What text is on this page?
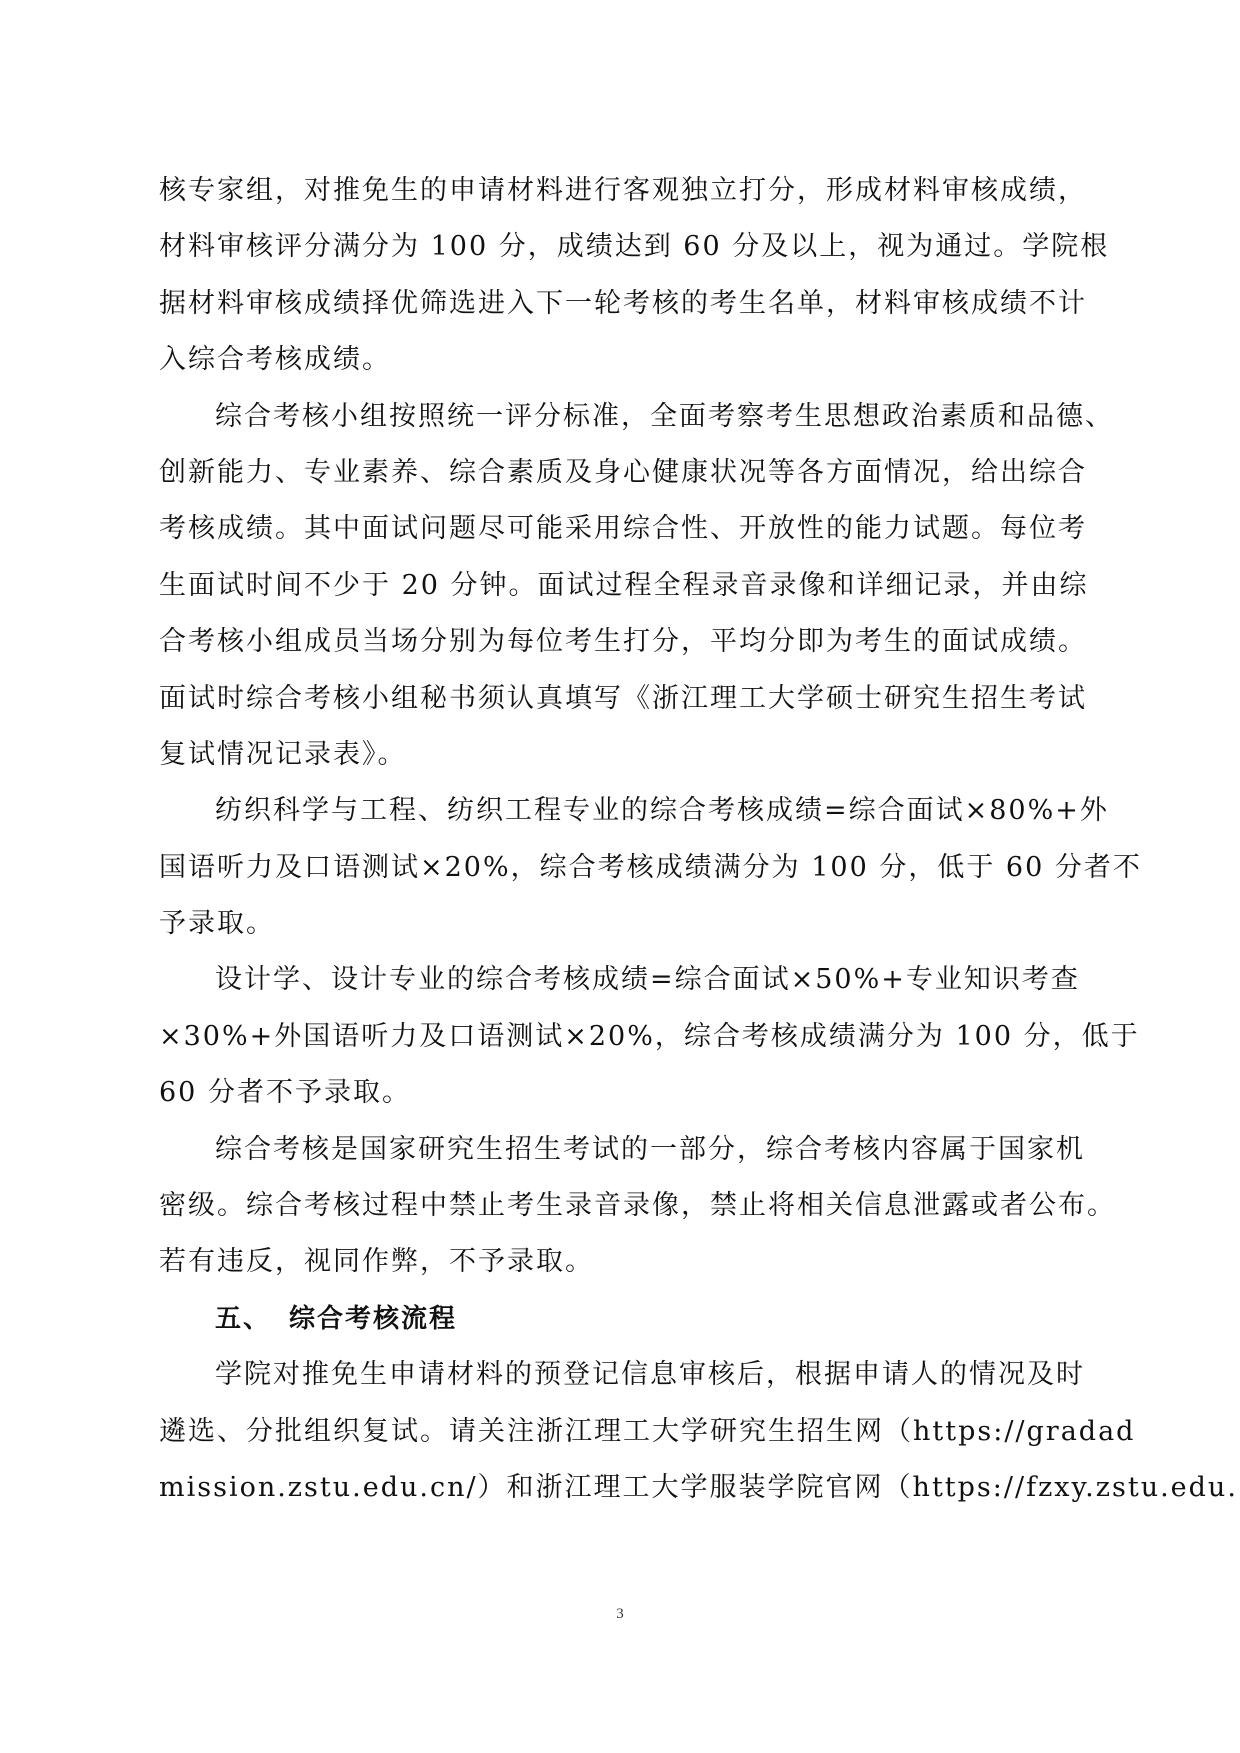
核专家组，对推免生的申请材料进行客观独立打分，形成材料审核成绩，
材料审核评分满分为 100 分，成绩达到 60 分及以上，视为通过。学院根
据材料审核成绩择优筛选进入下一轮考核的考生名单，材料审核成绩不计
入综合考核成绩。
综合考核小组按照统一评分标准，全面考察考生思想政治素质和品德、
创新能力、专业素养、综合素质及身心健康状况等各方面情况，给出综合
考核成绩。其中面试问题尽可能采用综合性、开放性的能力试题。每位考
生面试时间不少于 20 分钟。面试过程全程录音录像和详细记录，并由综
合考核小组成员当场分别为每位考生打分，平均分即为考生的面试成绩。
面试时综合考核小组秘书须认真填写《浙江理工大学硕士研究生招生考试
复试情况记录表》。
纺织科学与工程、纺织工程专业的综合考核成绩=综合面试×80%+外
国语听力及口语测试×20%，综合考核成绩满分为 100 分，低于 60 分者不
予录取。
设计学、设计专业的综合考核成绩=综合面试×50%+专业知识考查
×30%+外国语听力及口语测试×20%，综合考核成绩满分为 100 分，低于
60 分者不予录取。
综合考核是国家研究生招生考试的一部分，综合考核内容属于国家机
密级。综合考核过程中禁止考生录音录像，禁止将相关信息泄露或者公布。
若有违反，视同作弊，不予录取。
五、 综合考核流程
学院对推免生申请材料的预登记信息审核后，根据申请人的情况及时
遴选、分批组织复试。请关注浙江理工大学研究生招生网（https://gradad
mission.zstu.edu.cn/）和浙江理工大学服装学院官网（https://fzxy.zstu.edu.
3
